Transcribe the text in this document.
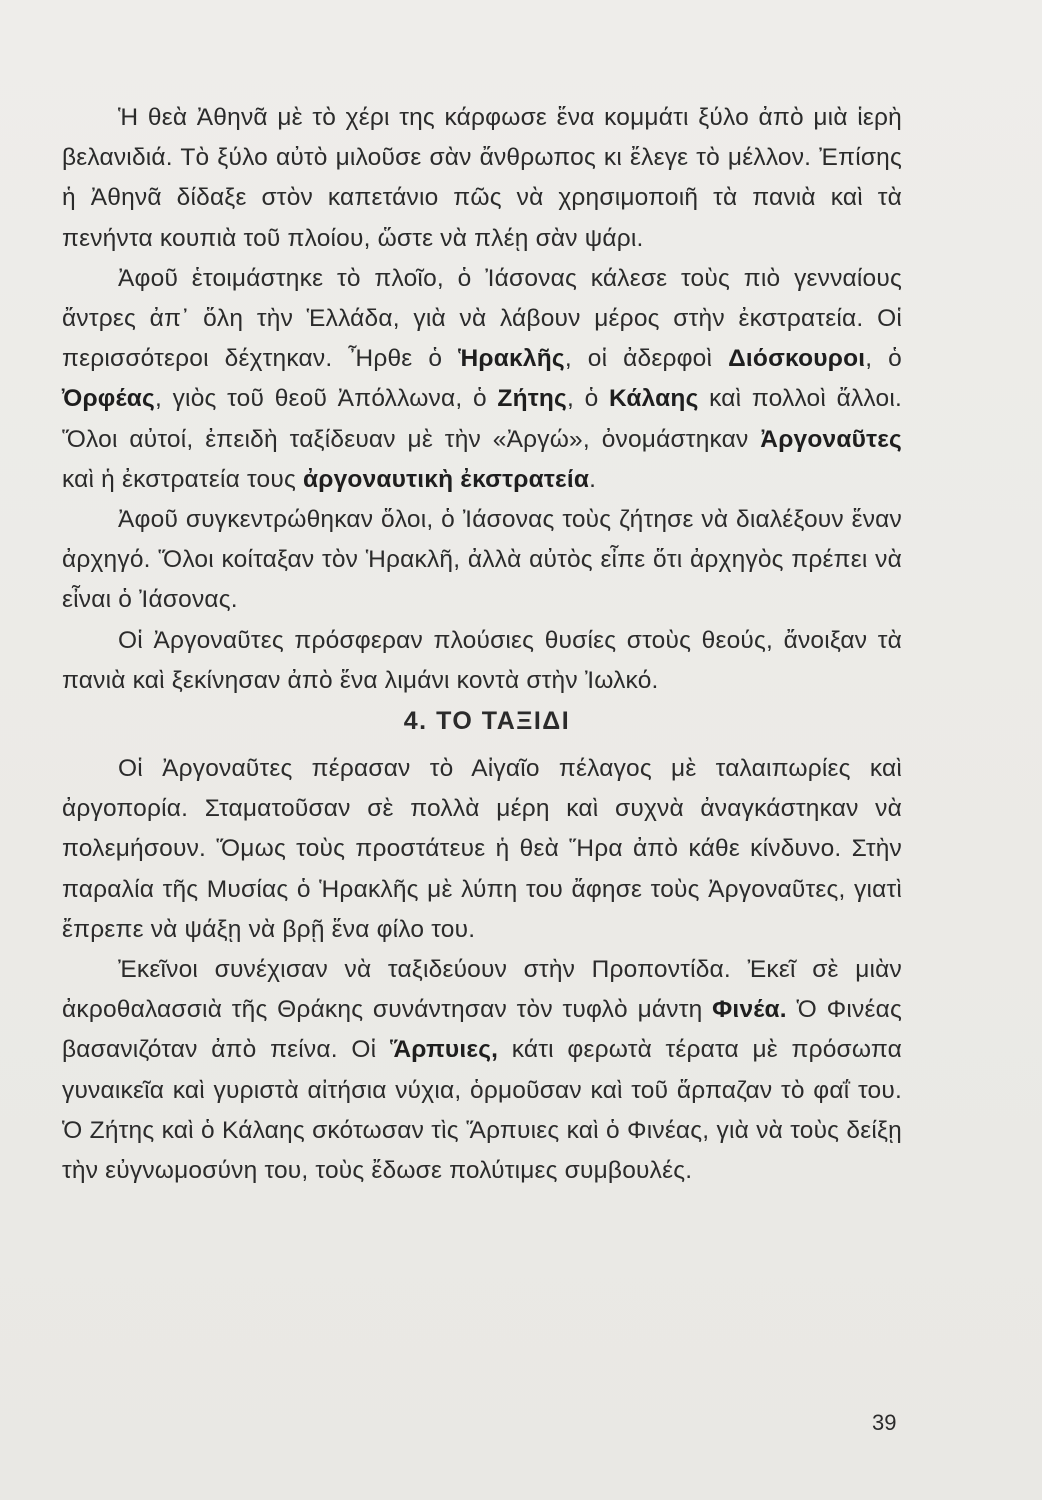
Ἡ θεὰ Ἀθηνᾶ μὲ τὸ χέρι της κάρφωσε ἕνα κομμάτι ξύλο ἀπὸ μιὰ ἱερὴ βελανιδιά. Τὸ ξύλο αὐτὸ μιλοῦσε σὰν ἄνθρωπος κι ἔλεγε τὸ μέλλον. Ἐπίσης ἡ Ἀθηνᾶ δίδαξε στὸν καπετάνιο πῶς νὰ χρησιμοποιῆ τὰ πανιὰ καὶ τὰ πενήντα κουπιὰ τοῦ πλοίου, ὥστε νὰ πλέῃ σὰν ψάρι.

Ἀφοῦ ἑτοιμάστηκε τὸ πλοῖο, ὁ Ἰάσονας κάλεσε τοὺς πιὸ γενναίους ἄντρες ἀπ᾽ ὅλη τὴν Ἑλλάδα, γιὰ νὰ λάβουν μέρος στὴν ἐκστρατεία. Οἱ περισσότεροι δέχτηκαν. Ἦρθε ὁ Ἡρακλῆς, οἱ ἀδερφοὶ Διόσκουροι, ὁ Ὀρφέας, γιὸς τοῦ θεοῦ Ἀπόλλωνα, ὁ Ζήτης, ὁ Κάλαης καὶ πολλοὶ ἄλλοι. Ὅλοι αὐτοί, ἐπειδὴ ταξίδευαν μὲ τὴν «Ἀργώ», ὀνομάστηκαν Ἀργοναῦτες καὶ ἡ ἐκστρατεία τους ἀργοναυτικὴ ἐκστρατεία.

Ἀφοῦ συγκεντρώθηκαν ὅλοι, ὁ Ἰάσονας τοὺς ζήτησε νὰ διαλέξουν ἕναν ἀρχηγό. Ὅλοι κοίταξαν τὸν Ἡρακλῆ, ἀλλὰ αὐτὸς εἶπε ὅτι ἀρχηγὸς πρέπει νὰ εἶναι ὁ Ἰάσονας.

Οἱ Ἀργοναῦτες πρόσφεραν πλούσιες θυσίες στοὺς θεούς, ἄνοιξαν τὰ πανιὰ καὶ ξεκίνησαν ἀπὸ ἕνα λιμάνι κοντὰ στὴν Ἰωλκό.

4. ΤΟ ΤΑΞΙΔΙ

Οἱ Ἀργοναῦτες πέρασαν τὸ Αἰγαῖο πέλαγος μὲ ταλαιπωρίες καὶ ἀργοπορία. Σταματοῦσαν σὲ πολλὰ μέρη καὶ συχνὰ ἀναγκάστηκαν νὰ πολεμήσουν. Ὅμως τοὺς προστάτευε ἡ θεὰ Ἥρα ἀπὸ κάθε κίνδυνο. Στὴν παραλία τῆς Μυσίας ὁ Ἡρακλῆς μὲ λύπη του ἄφησε τοὺς Ἀργοναῦτες, γιατὶ ἔπρεπε νὰ ψάξῃ νὰ βρῇ ἕνα φίλο του.

Ἐκεῖνοι συνέχισαν νὰ ταξιδεύουν στὴν Προποντίδα. Ἐκεῖ σὲ μιὰν ἀκροθαλασσιὰ τῆς Θράκης συνάντησαν τὸν τυφλὸ μάντη Φινέα. Ὁ Φινέας βασανιζόταν ἀπὸ πείνα. Οἱ Ἅρπυιες, κάτι φερωτὰ τέρατα μὲ πρόσωπα γυναικεῖα καὶ γυριστὰ αἰτήσια νύχια, ὁρμοῦσαν καὶ τοῦ ἅρπαζαν τὸ φαΐ του. Ὁ Ζήτης καὶ ὁ Κάλαης σκότωσαν τὶς Ἅρπυιες καὶ ὁ Φινέας, γιὰ νὰ τοὺς δείξῃ τὴν εὐγνωμοσύνη του, τοὺς ἔδωσε πολύτιμες συμβουλές.

39
